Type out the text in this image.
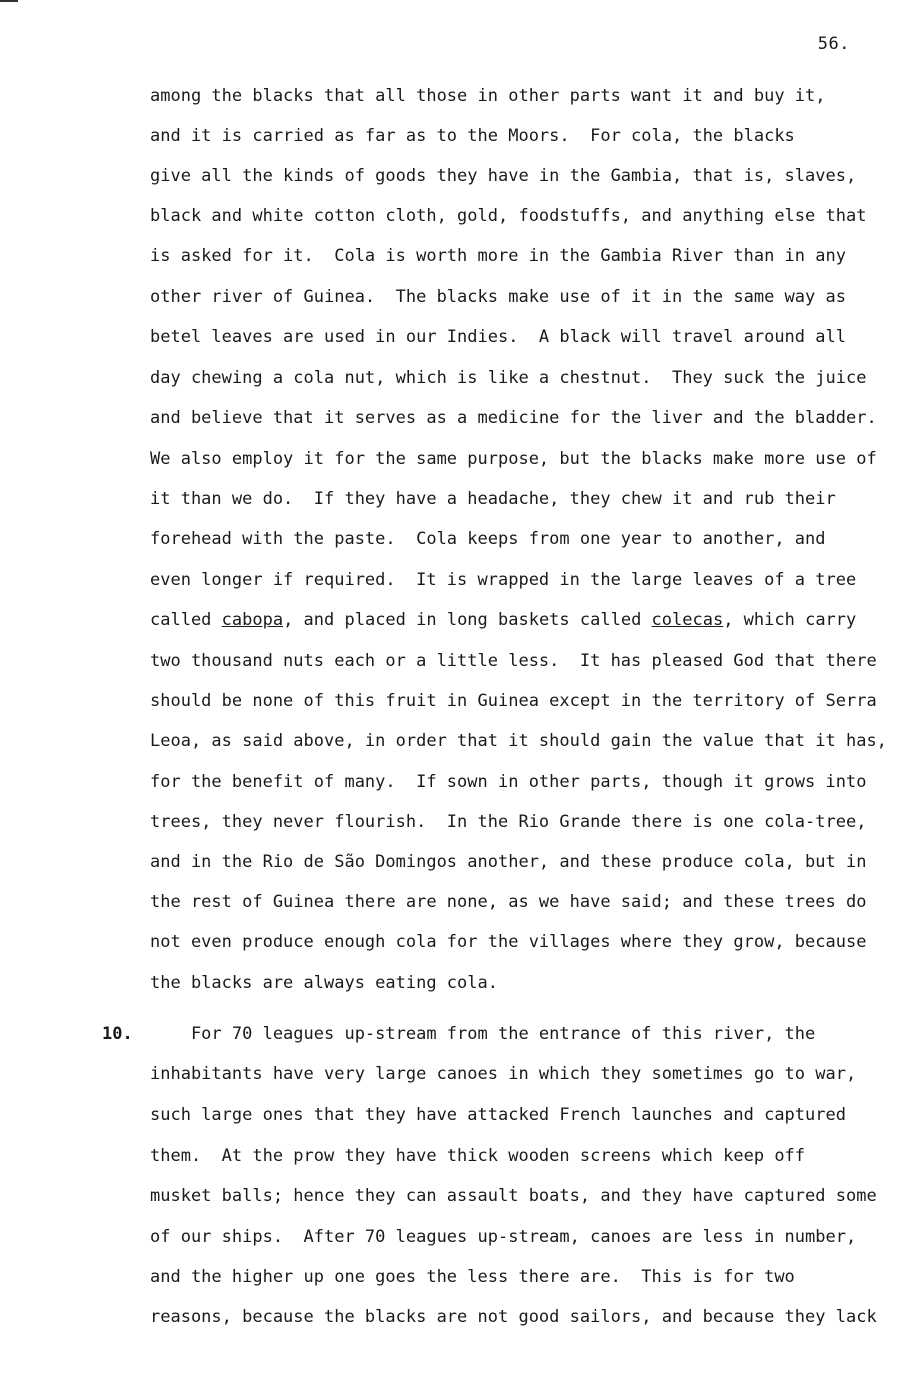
56.
among the blacks that all those in other parts want it and buy it,
and it is carried as far as to the Moors.  For cola, the blacks
give all the kinds of goods they have in the Gambia, that is, slaves,
black and white cotton cloth, gold, foodstuffs, and anything else that
is asked for it.  Cola is worth more in the Gambia River than in any
other river of Guinea.  The blacks make use of it in the same way as
betel leaves are used in our Indies.  A black will travel around all
day chewing a cola nut, which is like a chestnut.  They suck the juice
and believe that it serves as a medicine for the liver and the bladder.
We also employ it for the same purpose, but the blacks make more use of
it than we do.  If they have a headache, they chew it and rub their
forehead with the paste.  Cola keeps from one year to another, and
even longer if required.  It is wrapped in the large leaves of a tree
called cabopa, and placed in long baskets called colecas, which carry
two thousand nuts each or a little less.  It has pleased God that there
should be none of this fruit in Guinea except in the territory of Serra
Leoa, as said above, in order that it should gain the value that it has,
for the benefit of many.  If sown in other parts, though it grows into
trees, they never flourish.  In the Rio Grande there is one cola-tree,
and in the Rio de São Domingos another, and these produce cola, but in
the rest of Guinea there are none, as we have said; and these trees do
not even produce enough cola for the villages where they grow, because
the blacks are always eating cola.
10. For 70 leagues up-stream from the entrance of this river, the
inhabitants have very large canoes in which they sometimes go to war,
such large ones that they have attacked French launches and captured
them.  At the prow they have thick wooden screens which keep off
musket balls; hence they can assault boats, and they have captured some
of our ships.  After 70 leagues up-stream, canoes are less in number,
and the higher up one goes the less there are.  This is for two
reasons, because the blacks are not good sailors, and because they lack
